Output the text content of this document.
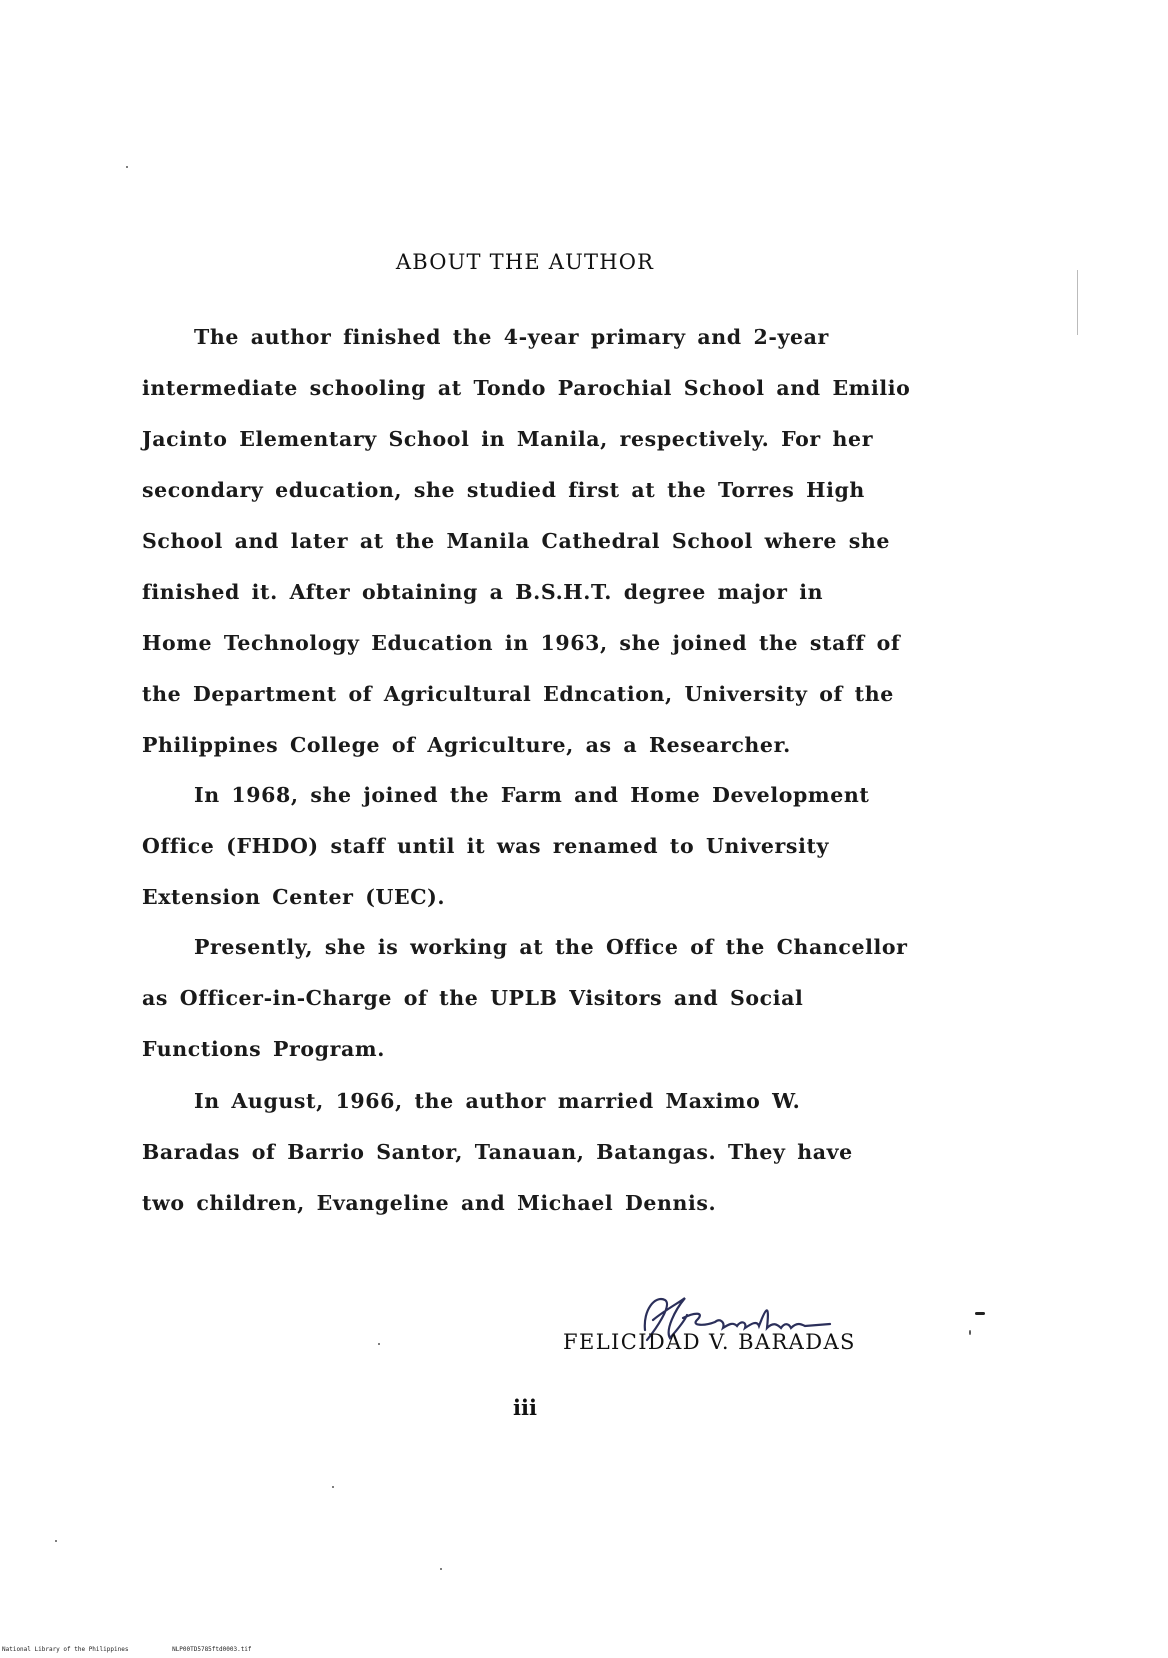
ABOUT THE AUTHOR
The author finished the 4-year primary and 2-year
intermediate schooling at Tondo Parochial School and Emilio
Jacinto Elementary School in Manila, respectively. For her
secondary education, she studied first at the Torres High
School and later at the Manila Cathedral School where she
finished it. After obtaining a B.S.H.T. degree major in
Home Technology Education in 1963, she joined the staff of
the Department of Agricultural Edncation, University of the
Philippines College of Agriculture, as a Researcher.
In 1968, she joined the Farm and Home Development
Office (FHDO) staff until it was renamed to University
Extension Center (UEC).
Presently, she is working at the Office of the Chancellor
as Officer-in-Charge of the UPLB Visitors and Social
Functions Program.
In August, 1966, the author married Maximo W.
Baradas of Barrio Santor, Tanauan, Batangas. They have
two children, Evangeline and Michael Dennis.
FELICIDAD V. BARADAS
iii
National Library of the Philippines	NLP00TD5785ftd0003.tif
